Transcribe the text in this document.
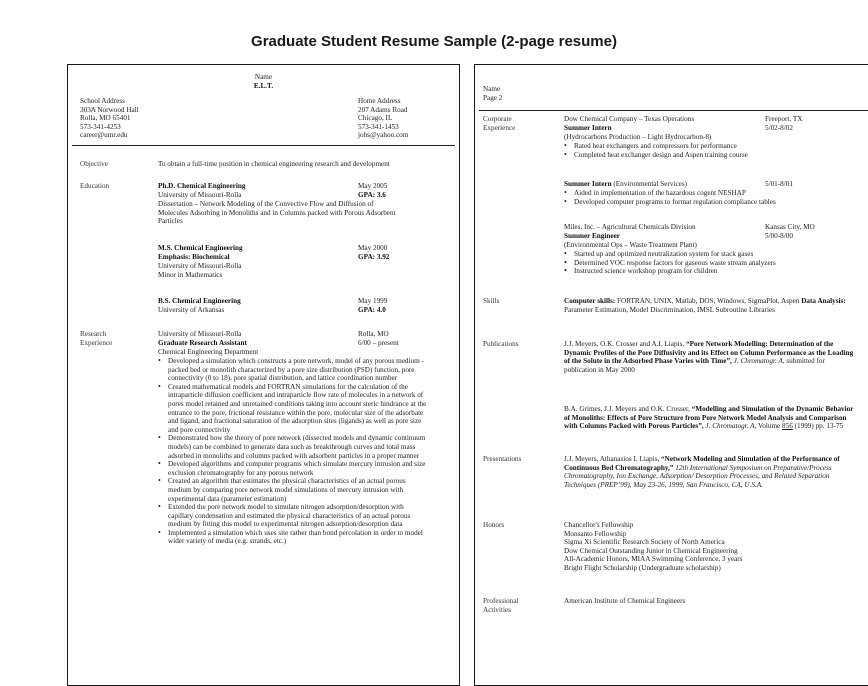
Graduate Student Resume Sample (2-page resume)
Name
E.L.T.
School Address
303A Norwood Hall
Rolla, MO 65401
573-341-4253
career@umr.edu
Home Address
207 Adams Road
Chicago, IL
573-341-1453
jobs@yahoo.com
Objective	To obtain a full-time position in chemical engineering research and development
Education	Ph.D. Chemical Engineering	May 2005
University of Missouri-Rolla	GPA: 3.6
Dissertation – Network Modeling of the Convective Flow and Diffusion of Molecules Adsorbing in Monoliths and in Columns packed with Porous Adsorbent Particles
M.S. Chemical Engineering	May 2000
Emphasis: Biochemical	GPA: 3.92
University of Missouri-Rolla
Minor in Mathematics
B.S. Chemical Engineering	May 1999
University of Arkansas	GPA: 4.0
Research Experience
University of Missouri-Rolla	Rolla, MO
Graduate Research Assistant	6/00 – present
Chemical Engineering Department
• Developed a simulation which constructs a pore network, model of any porous medium - packed bed or monolith characterized by a pore size distribution (PSD) function, pore connectivity (0 to 18), pore spatial distribution, and lattice coordination number
• Created mathematical models and FORTRAN simulations for the calculation of the intraparticle diffusion coefficient and intraparticle flow rate of molecules in a network of pores model retained and unretained conditions taking into account steric hindrance at the entrance to the pore, frictional resistance within the pore, molecular size of the adsorbate and ligand, and fractional saturation of the adsorption sites (ligands) as well as pore size and pore connectivity
• Demonstrated how the theory of pore network (dissected models and dynamic continuum models) can be combined to generate data such as breakthrough curves and total mass adsorbed in monoliths and columns packed with adsorbent particles in a proper manner
• Developed algorithms and computer programs which simulate mercury intrusion and size exclusion chromatography for any porous network
• Created an algorithm that estimates the physical characteristics of an actual porous medium by comparing pore network model simulations of mercury intrusion with experimental data (parameter estimation)
• Extended the pore network model to simulate nitrogen adsorption/desorption with capillary condensation and estimated the physical characteristics of an actual porous medium by fitting this model to experimental nitrogen adsorption/desorption data
• Implemented a simulation which uses site rather than bond percolation in order to model wider variety of media (e.g. strands, etc.)
Name
Page 2
Corporate Experience
Dow Chemical Company – Texas Operations	Freeport, TX
Summer Intern	5/02-8/02
(Hydrocarbons Production – Light Hydrocarbon-8)
• Rated heat exchangers and compressors for performance
• Completed heat exchanger design and Aspen training course
Summer Intern (Environmental Services)	5/01-8/01
• Aided in implementation of the hazardous cogent NESHAP
• Developed computer programs to format regulation compliance tables
Miles, Inc. – Agricultural Chemicals Division	Kansas City, MO
Summer Engineer	5/00-8/00
(Environmental Ops – Waste Treatment Plant)
• Started up and optimized neutralization system for stack gases
• Determined VOC response factors for gaseous waste stream analyzers
• Instructed science workshop program for children
Skills	Computer skills: FORTRAN, UNIX, Matlab, DOS, Windows, SigmaPlot, Aspen Data Analysis: Parameter Estimation, Model Discrimination, IMSL Subroutine Libraries
Publications	J.J. Meyers, O.K. Crosser and A.I. Liapis, “Pore Network Modelling: Determination of the Dynamic Profiles of the Pore Diffusivity and its Effect on Column Performance as the Loading of the Solute in the Adsorbed Phase Varies with Time”, J. Chromatogr. A, submitted for publication in May 2000
B.A. Grimes, J.J. Meyers and O.K. Crosser, “Modelling and Simulation of the Dynamic Behavior of Monoliths: Effects of Pore Structure from Pore Network Model Analysis and Comparison with Columns Packed with Porous Particles”, J. Chromatogr. A, Volume 856 (1999) pp. 13-75
Presentations	J.J. Meyers, Athanasios I. Liapis, “Network Modeling and Simulation of the Performance of Continuous Bed Chromatography,” 12th International Symposium on Preparative/Process Chromatography, Ion Exchange, Adsorption/ Desorption Processes, and Related Separation Techniques (PREP’99), May 23-26, 1999, San Francisco, CA, U.S.A.
Honors	Chancellor's Fellowship
Monsanto Fellowship
Sigma Xi Scientific Research Society of North America
Dow Chemical Outstanding Junior in Chemical Engineering
All-Academic Honors, MIAA Swimming Conference, 3 years
Bright Flight Scholarship (Undergraduate scholarship)
Professional Activities
American Institute of Chemical Engineers
